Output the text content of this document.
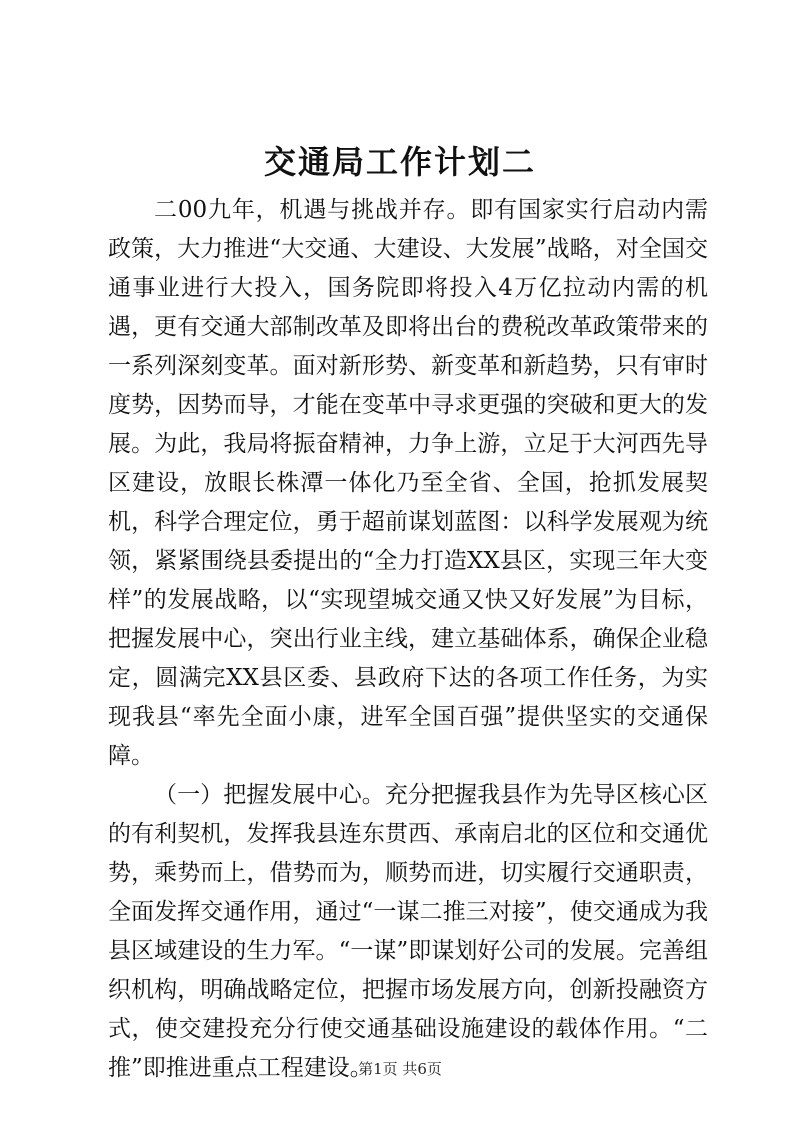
交通局工作计划二

二00九年，机遇与挑战并存。即有国家实行启动内需政策，大力推进“大交通、大建设、大发展”战略，对全国交通事业进行大投入，国务院即将投入4万亿拉动内需的机遇，更有交通大部制改革及即将出台的费税改革政策带来的一系列深刻变革。面对新形势、新变革和新趋势，只有审时度势，因势而导，才能在变革中寻求更强的突破和更大的发展。为此，我局将振奋精神，力争上游，立足于大河西先导区建设，放眼长株潭一体化乃至全省、全国，抢抓发展契机，科学合理定位，勇于超前谋划蓝图：以科学发展观为统领，紧紧围绕县委提出的“全力打造XX县区，实现三年大变样”的发展战略，以“实现望城交通又快又好发展”为目标，把握发展中心，突出行业主线，建立基础体系，确保企业稳定，圆满完XX县区委、县政府下达的各项工作任务，为实现我县“率先全面小康，进军全国百强”提供坚实的交通保障。

（一）把握发展中心。充分把握我县作为先导区核心区的有利契机，发挥我县连东贯西、承南启北的区位和交通优势，乘势而上，借势而为，顺势而进，切实履行交通职责，全面发挥交通作用，通过“一谋二推三对接”，使交通成为我县区域建设的生力军。“一谋”即谋划好公司的发展。完善组织机构，明确战略定位，把握市场发展方向，创新投融资方式，使交建投充分行使交通基础设施建设的载体作用。“二推”即推进重点工程建设。

第1页 共6页
